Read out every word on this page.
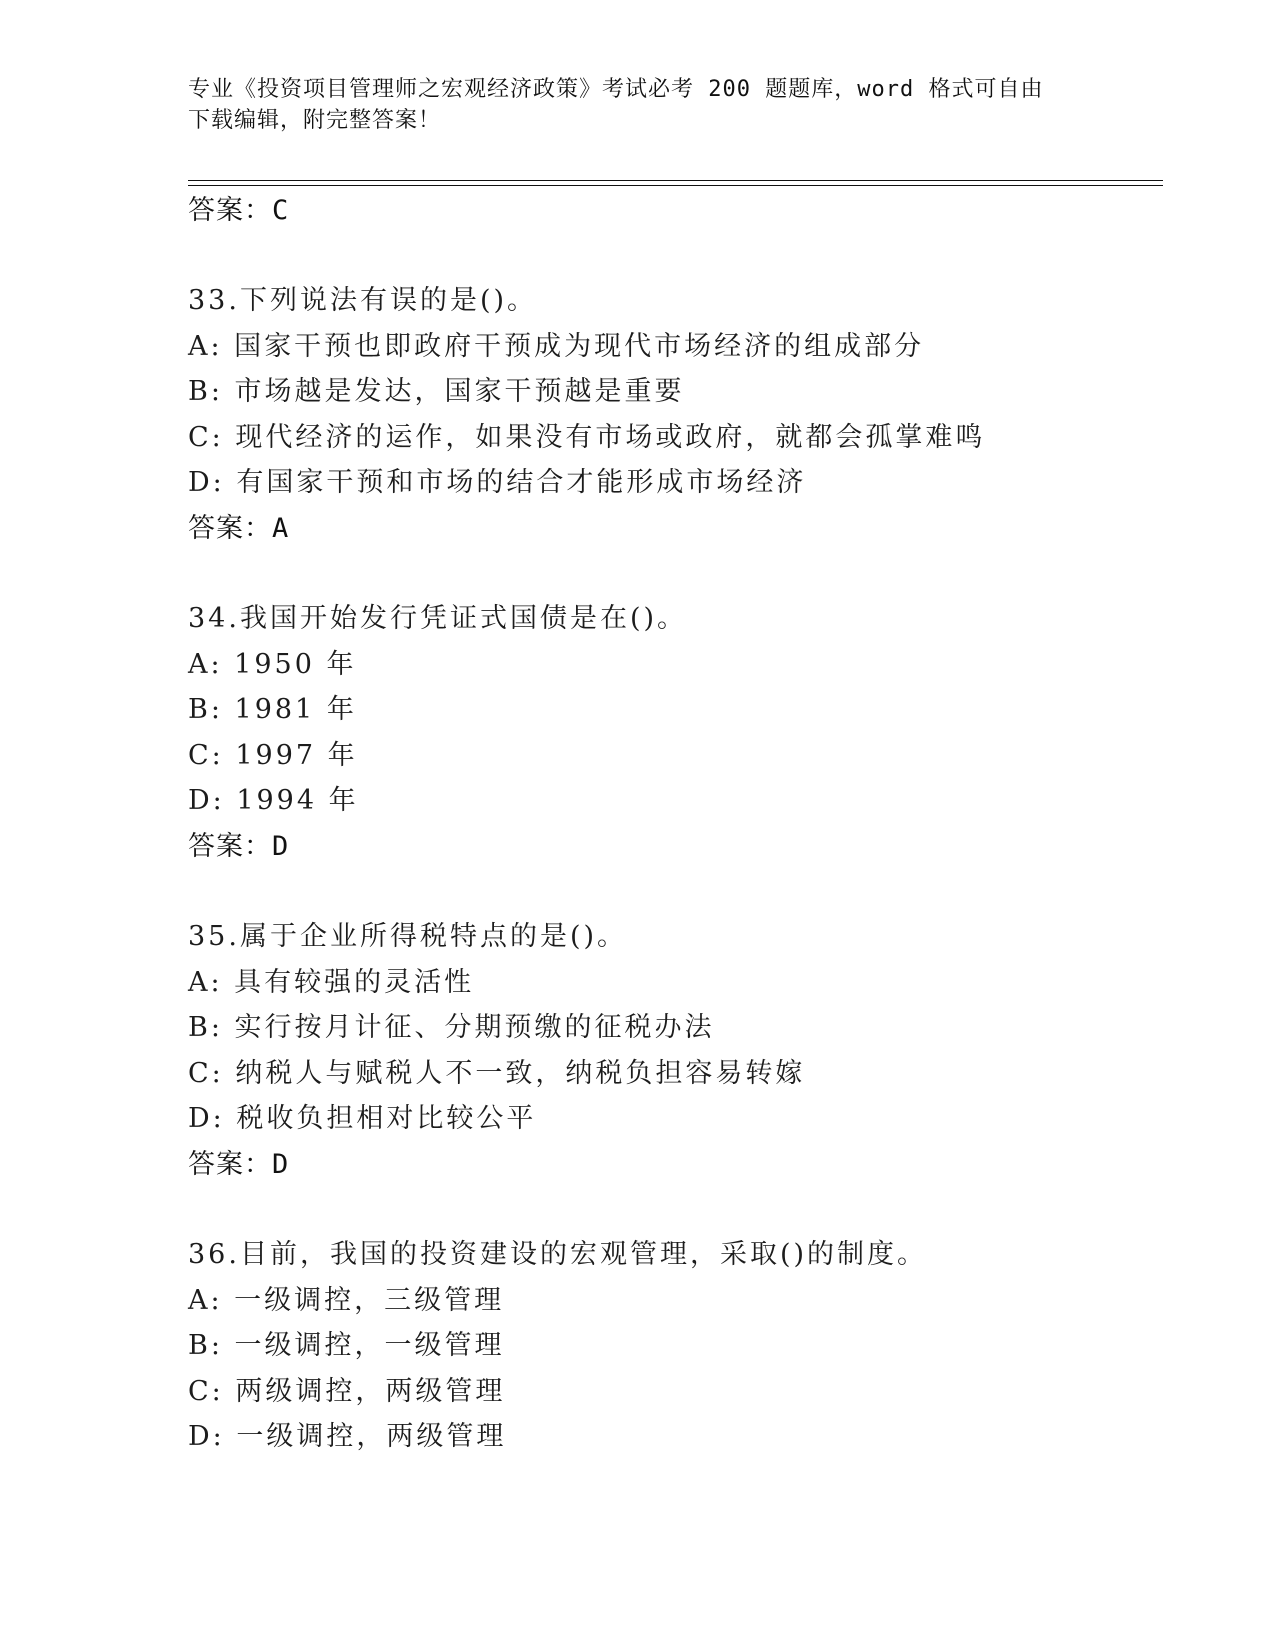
专业《投资项目管理师之宏观经济政策》考试必考 200 题题库，word 格式可自由
下载编辑，附完整答案！
答案：C
33.下列说法有误的是()。
A: 国家干预也即政府干预成为现代市场经济的组成部分
B: 市场越是发达，国家干预越是重要
C: 现代经济的运作，如果没有市场或政府，就都会孤掌难鸣
D: 有国家干预和市场的结合才能形成市场经济
答案：A
34.我国开始发行凭证式国债是在()。
A: 1950 年
B: 1981 年
C: 1997 年
D: 1994 年
答案：D
35.属于企业所得税特点的是()。
A: 具有较强的灵活性
B: 实行按月计征、分期预缴的征税办法
C: 纳税人与赋税人不一致，纳税负担容易转嫁
D: 税收负担相对比较公平
答案：D
36.目前，我国的投资建设的宏观管理，采取()的制度。
A: 一级调控，三级管理
B: 一级调控，一级管理
C: 两级调控，两级管理
D: 一级调控，两级管理
